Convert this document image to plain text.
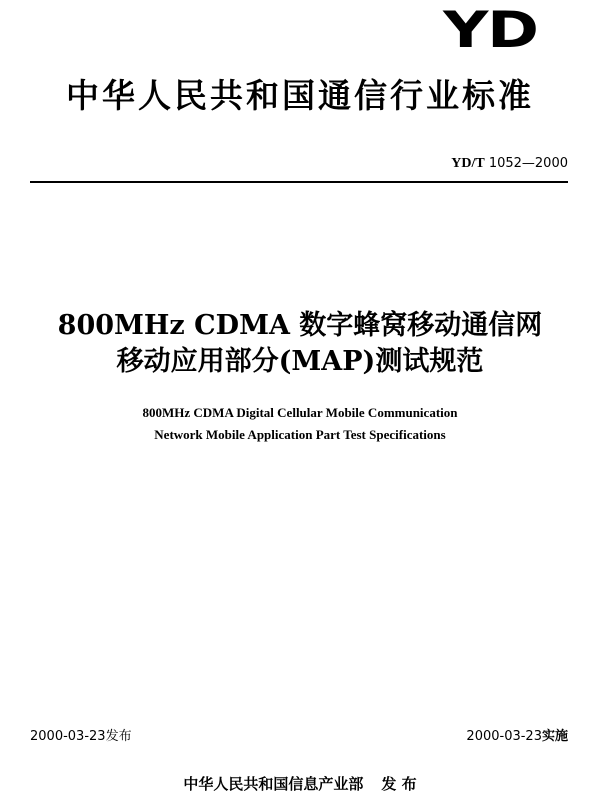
YD
中华人民共和国通信行业标准
YD/T 1052—2000
800MHz CDMA 数字蜂窝移动通信网
移动应用部分(MAP)测试规范
800MHz CDMA Digital Cellular Mobile Communication
Network Mobile Application Part Test Specifications
2000-03-23发布	2000-03-23实施
中华人民共和国信息产业部 发 布
